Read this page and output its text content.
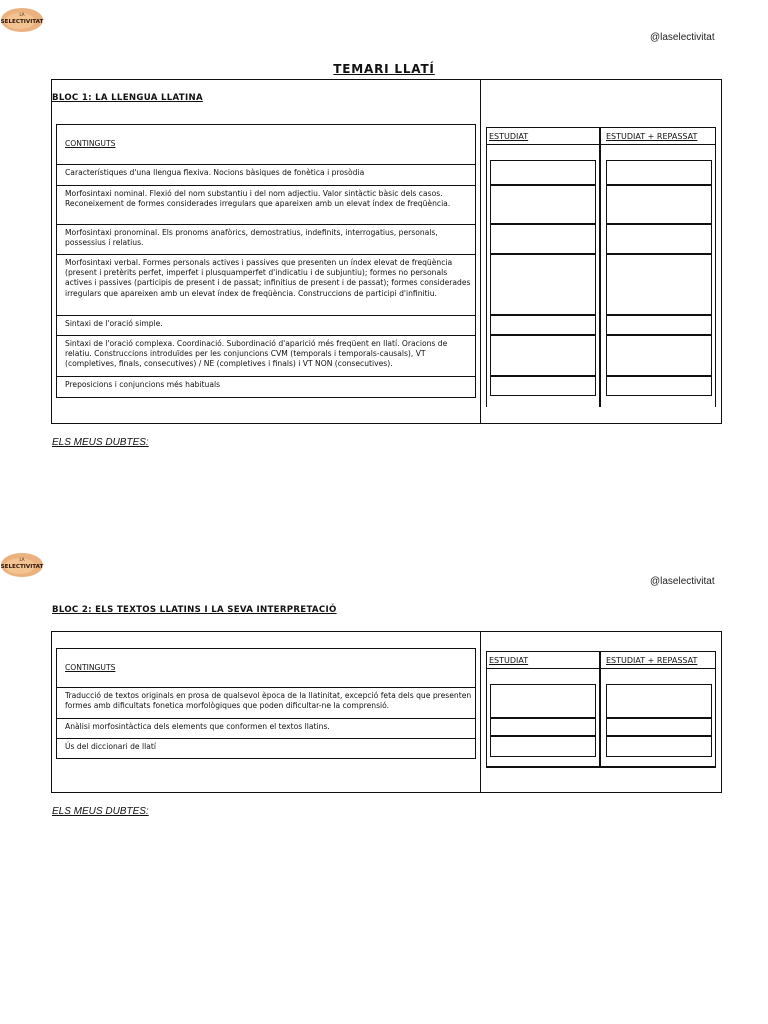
LA
SELECTIVITAT
@laselectivitat
TEMARI LLATÍ
BLOC 1: LA LLENGUA LLATINA
CONTINGUTS
Característiques d'una llengua flexiva. Nocions bàsiques de fonètica i prosòdia
Morfosintaxi nominal. Flexió del nom substantiu i del nom adjectiu. Valor sintàctic bàsic dels casos. Reconeixement de formes considerades irregulars que apareixen amb un elevat índex de freqüència.
Morfosintaxi pronominal. Els pronoms anafòrics, demostratius, indefinits, interrogatius, personals, possessius i relatius.
Morfosintaxi verbal. Formes personals actives i passives que presenten un índex elevat de freqüència (present i pretèrits perfet, imperfet i plusquamperfet d'indicatiu i de subjuntiu); formes no personals actives i passives (participis de present i de passat; infinitius de present i de passat); formes considerades irregulars que apareixen amb un elevat índex de freqüència. Construccions de participi d'infinitiu.
Sintaxi de l'oració simple.
Sintaxi de l'oració complexa. Coordinació. Subordinació d'aparició més freqüent en llatí. Oracions de relatiu. Construccions introduïdes per les conjuncions CVM (temporals i temporals-causals), VT (completives, finals, consecutives) / NE (completives i finals) i VT NON (consecutives).
Preposicions i conjuncions més habituals
ESTUDIAT	ESTUDIAT + REPASSAT
ELS MEUS DUBTES:
LA
SELECTIVITAT
@laselectivitat
BLOC 2: ELS TEXTOS LLATINS I LA SEVA INTERPRETACIÓ
CONTINGUTS
Traducció de textos originals en prosa de qualsevol època de la llatinitat, excepció feta dels que presenten formes amb dificultats fonetica morfològiques que poden dificultar-ne la comprensió.
Anàlisi morfosintàctica dels elements que conformen el textos llatins.
Ús del diccionari de llatí
ESTUDIAT	ESTUDIAT + REPASSAT
ELS MEUS DUBTES:
